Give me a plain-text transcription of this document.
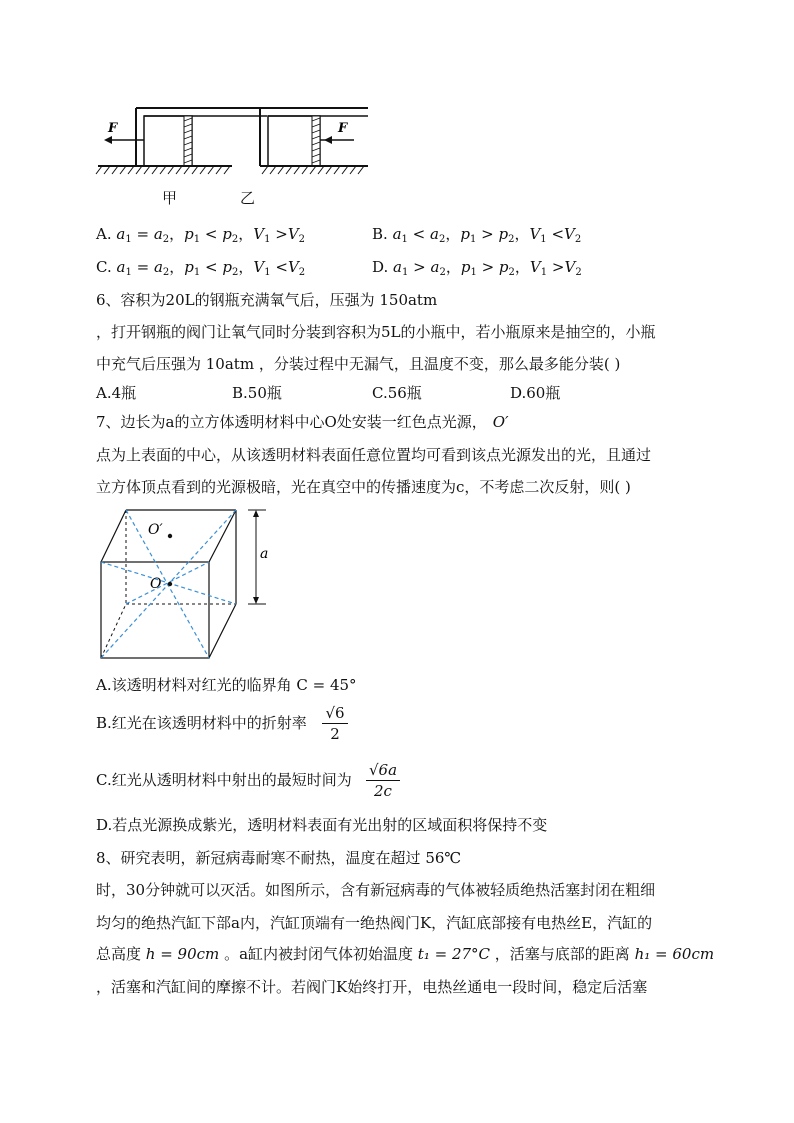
F	F
甲	乙
A. $a_1 = a_2$，$p_1 < p_2$，$V_1 >V_2$	B. $a_1 < a_2$，$p_1 > p_2$，$V_1 <V_2$
C. $a_1 = a_2$，$p_1 < p_2$，$V_1 <V_2$	D. $a_1 > a_2$，$p_1 > p_2$，$V_1 >V_2$
6、容积为20L的钢瓶充满氧气后，压强为 150atm
，打开钢瓶的阀门让氧气同时分装到容积为5L的小瓶中，若小瓶原来是抽空的，小瓶
中充气后压强为 10atm ，分装过程中无漏气，且温度不变，那么最多能分装( )
A.4瓶	B.50瓶	C.56瓶	D.60瓶
7、边长为a的立方体透明材料中心O处安装一红色点光源， O′
点为上表面的中心，从该透明材料表面任意位置均可看到该点光源发出的光，且通过
立方体顶点看到的光源极暗，光在真空中的传播速度为c，不考虑二次反射，则( )
O′
O
a
A.该透明材料对红光的临界角 C = 45°
B.红光在该透明材料中的折射率 $\frac{√6}{2}$
C.红光从透明材料中射出的最短时间为 $\frac{√6a}{2c}$
D.若点光源换成紫光，透明材料表面有光出射的区域面积将保持不变
8、研究表明，新冠病毒耐寒不耐热，温度在超过 56℃
时，30分钟就可以灭活。如图所示，含有新冠病毒的气体被轻质绝热活塞封闭在粗细
均匀的绝热汽缸下部a内，汽缸顶端有一绝热阀门K，汽缸底部接有电热丝E，汽缸的
总高度 h = 90cm 。a缸内被封闭气体初始温度 t₁ = 27°C ，活塞与底部的距离 h₁ = 60cm
，活塞和汽缸间的摩擦不计。若阀门K始终打开，电热丝通电一段时间，稳定后活塞
